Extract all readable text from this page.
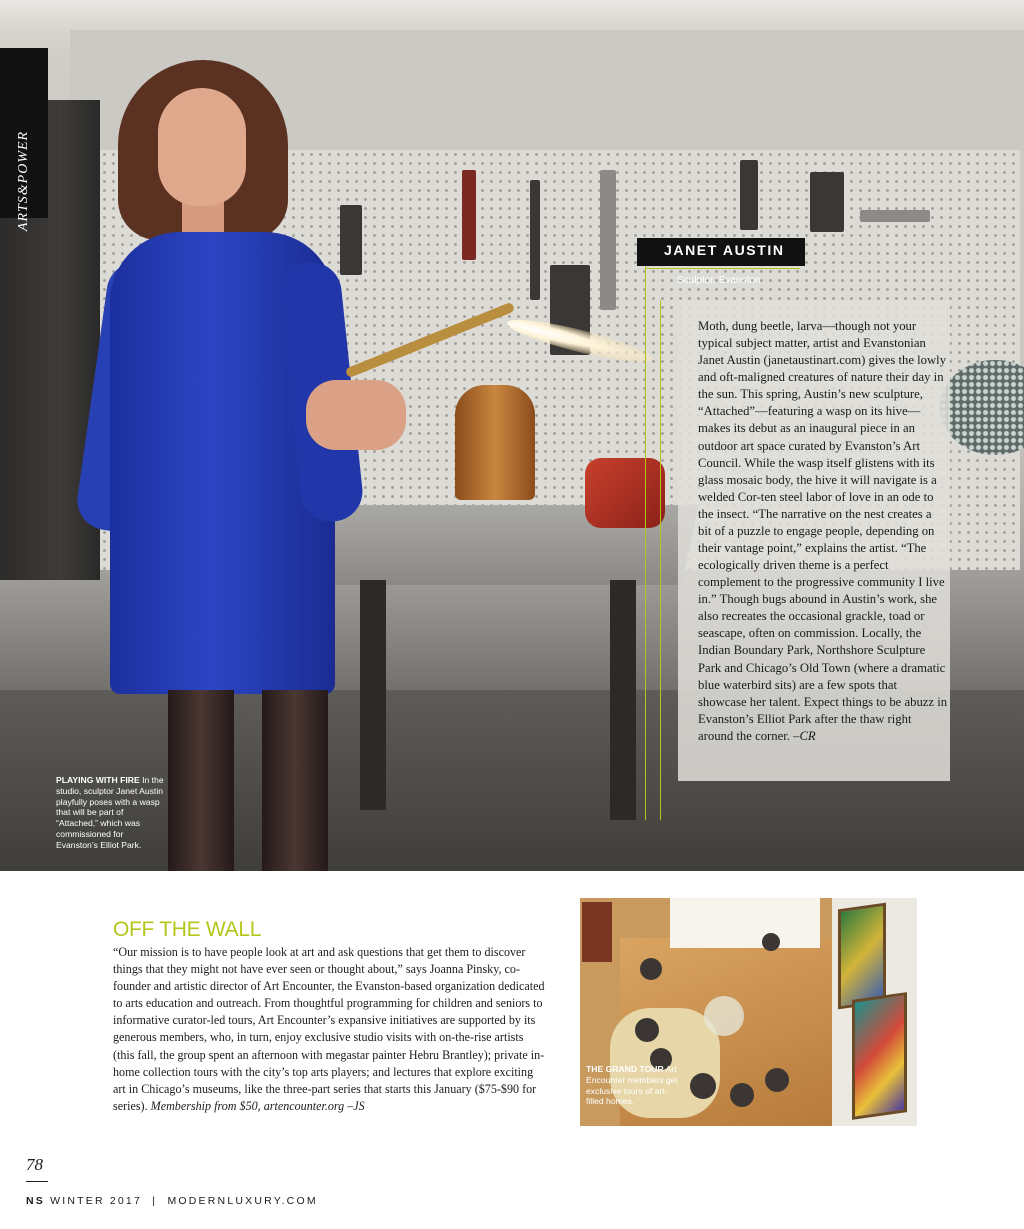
ARTS&POWER
JANET AUSTIN
Sculptor, Evanston
Moth, dung beetle, larva—though not your typical subject matter, artist and Evanstonian Janet Austin (janetaustinart.com) gives the lowly and oft-maligned creatures of nature their day in the sun. This spring, Austin’s new sculpture, “Attached”—featuring a wasp on its hive—makes its debut as an inaugural piece in an outdoor art space curated by Evanston’s Art Council. While the wasp itself glistens with its glass mosaic body, the hive it will navigate is a welded Cor-ten steel labor of love in an ode to the insect. “The narrative on the nest creates a bit of a puzzle to engage people, depending on their vantage point,” explains the artist. “The ecologically driven theme is a perfect complement to the progressive community I live in.” Though bugs abound in Austin’s work, she also recreates the occasional grackle, toad or seascape, often on commission. Locally, the Indian Boundary Park, Northshore Sculpture Park and Chicago’s Old Town (where a dramatic blue waterbird sits) are a few spots that showcase her talent. Expect things to be abuzz in Evanston’s Elliot Park after the thaw right around the corner. –CR
PLAYING WITH FIRE In the studio, sculptor Janet Austin playfully poses with a wasp that will be part of “Attached,” which was commissioned for Evanston’s Elliot Park.
OFF THE WALL
“Our mission is to have people look at art and ask questions that get them to discover things that they might not have ever seen or thought about,” says Joanna Pinsky, co-founder and artistic director of Art Encounter, the Evanston-based organization dedicated to arts education and outreach. From thoughtful programming for children and seniors to informative curator-led tours, Art Encounter’s expansive initiatives are supported by its generous members, who, in turn, enjoy exclusive studio visits with on-the-rise artists (this fall, the group spent an afternoon with megastar painter Hebru Brantley); private in-home collection tours with the city’s top arts players; and lectures that explore exciting art in Chicago’s museums, like the three-part series that starts this January ($75-$90 for series). Membership from $50, artencounter.org –JS
THE GRAND TOUR Art Encounter members get exclusive tours of art-filled homes.
78
NS WINTER 2017 | MODERNLUXURY.COM
